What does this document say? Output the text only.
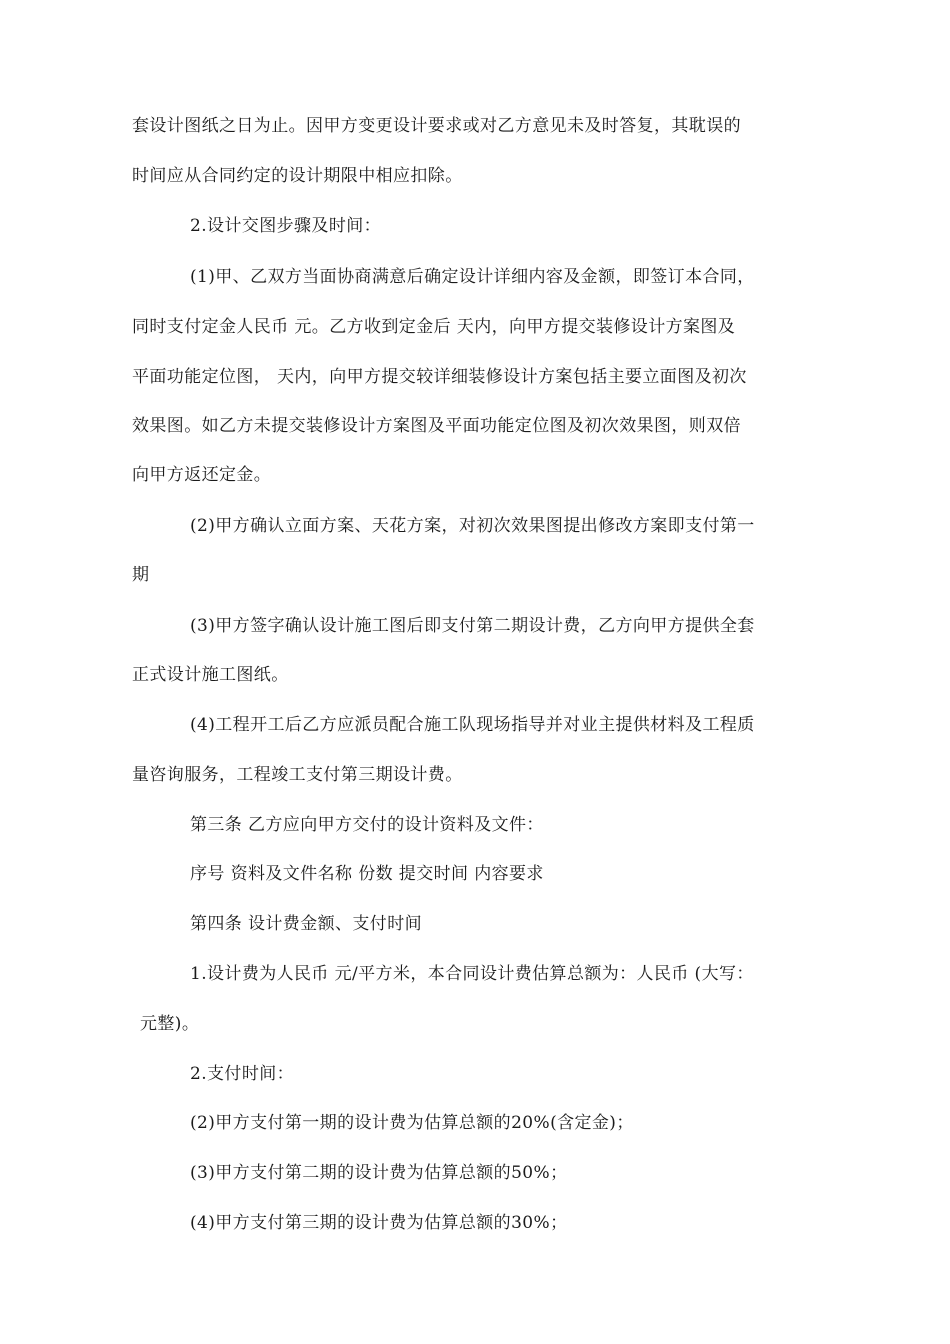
套设计图纸之日为止。因甲方变更设计要求或对乙方意见未及时答复，其耽误的
时间应从合同约定的设计期限中相应扣除。
2.设计交图步骤及时间：
(1)甲、乙双方当面协商满意后确定设计详细内容及金额，即签订本合同，
同时支付定金人民币 元。乙方收到定金后 天内，向甲方提交装修设计方案图及
平面功能定位图， 天内，向甲方提交较详细装修设计方案包括主要立面图及初次
效果图。如乙方未提交装修设计方案图及平面功能定位图及初次效果图，则双倍
向甲方返还定金。
(2)甲方确认立面方案、天花方案，对初次效果图提出修改方案即支付第一
期
(3)甲方签字确认设计施工图后即支付第二期设计费，乙方向甲方提供全套
正式设计施工图纸。
(4)工程开工后乙方应派员配合施工队现场指导并对业主提供材料及工程质
量咨询服务，工程竣工支付第三期设计费。
第三条 乙方应向甲方交付的设计资料及文件：
序号 资料及文件名称 份数 提交时间 内容要求
第四条 设计费金额、支付时间
1.设计费为人民币 元/平方米，本合同设计费估算总额为：人民币 (大写：
元整)。
2.支付时间：
(2)甲方支付第一期的设计费为估算总额的20%(含定金)；
(3)甲方支付第二期的设计费为估算总额的50%；
(4)甲方支付第三期的设计费为估算总额的30%；
